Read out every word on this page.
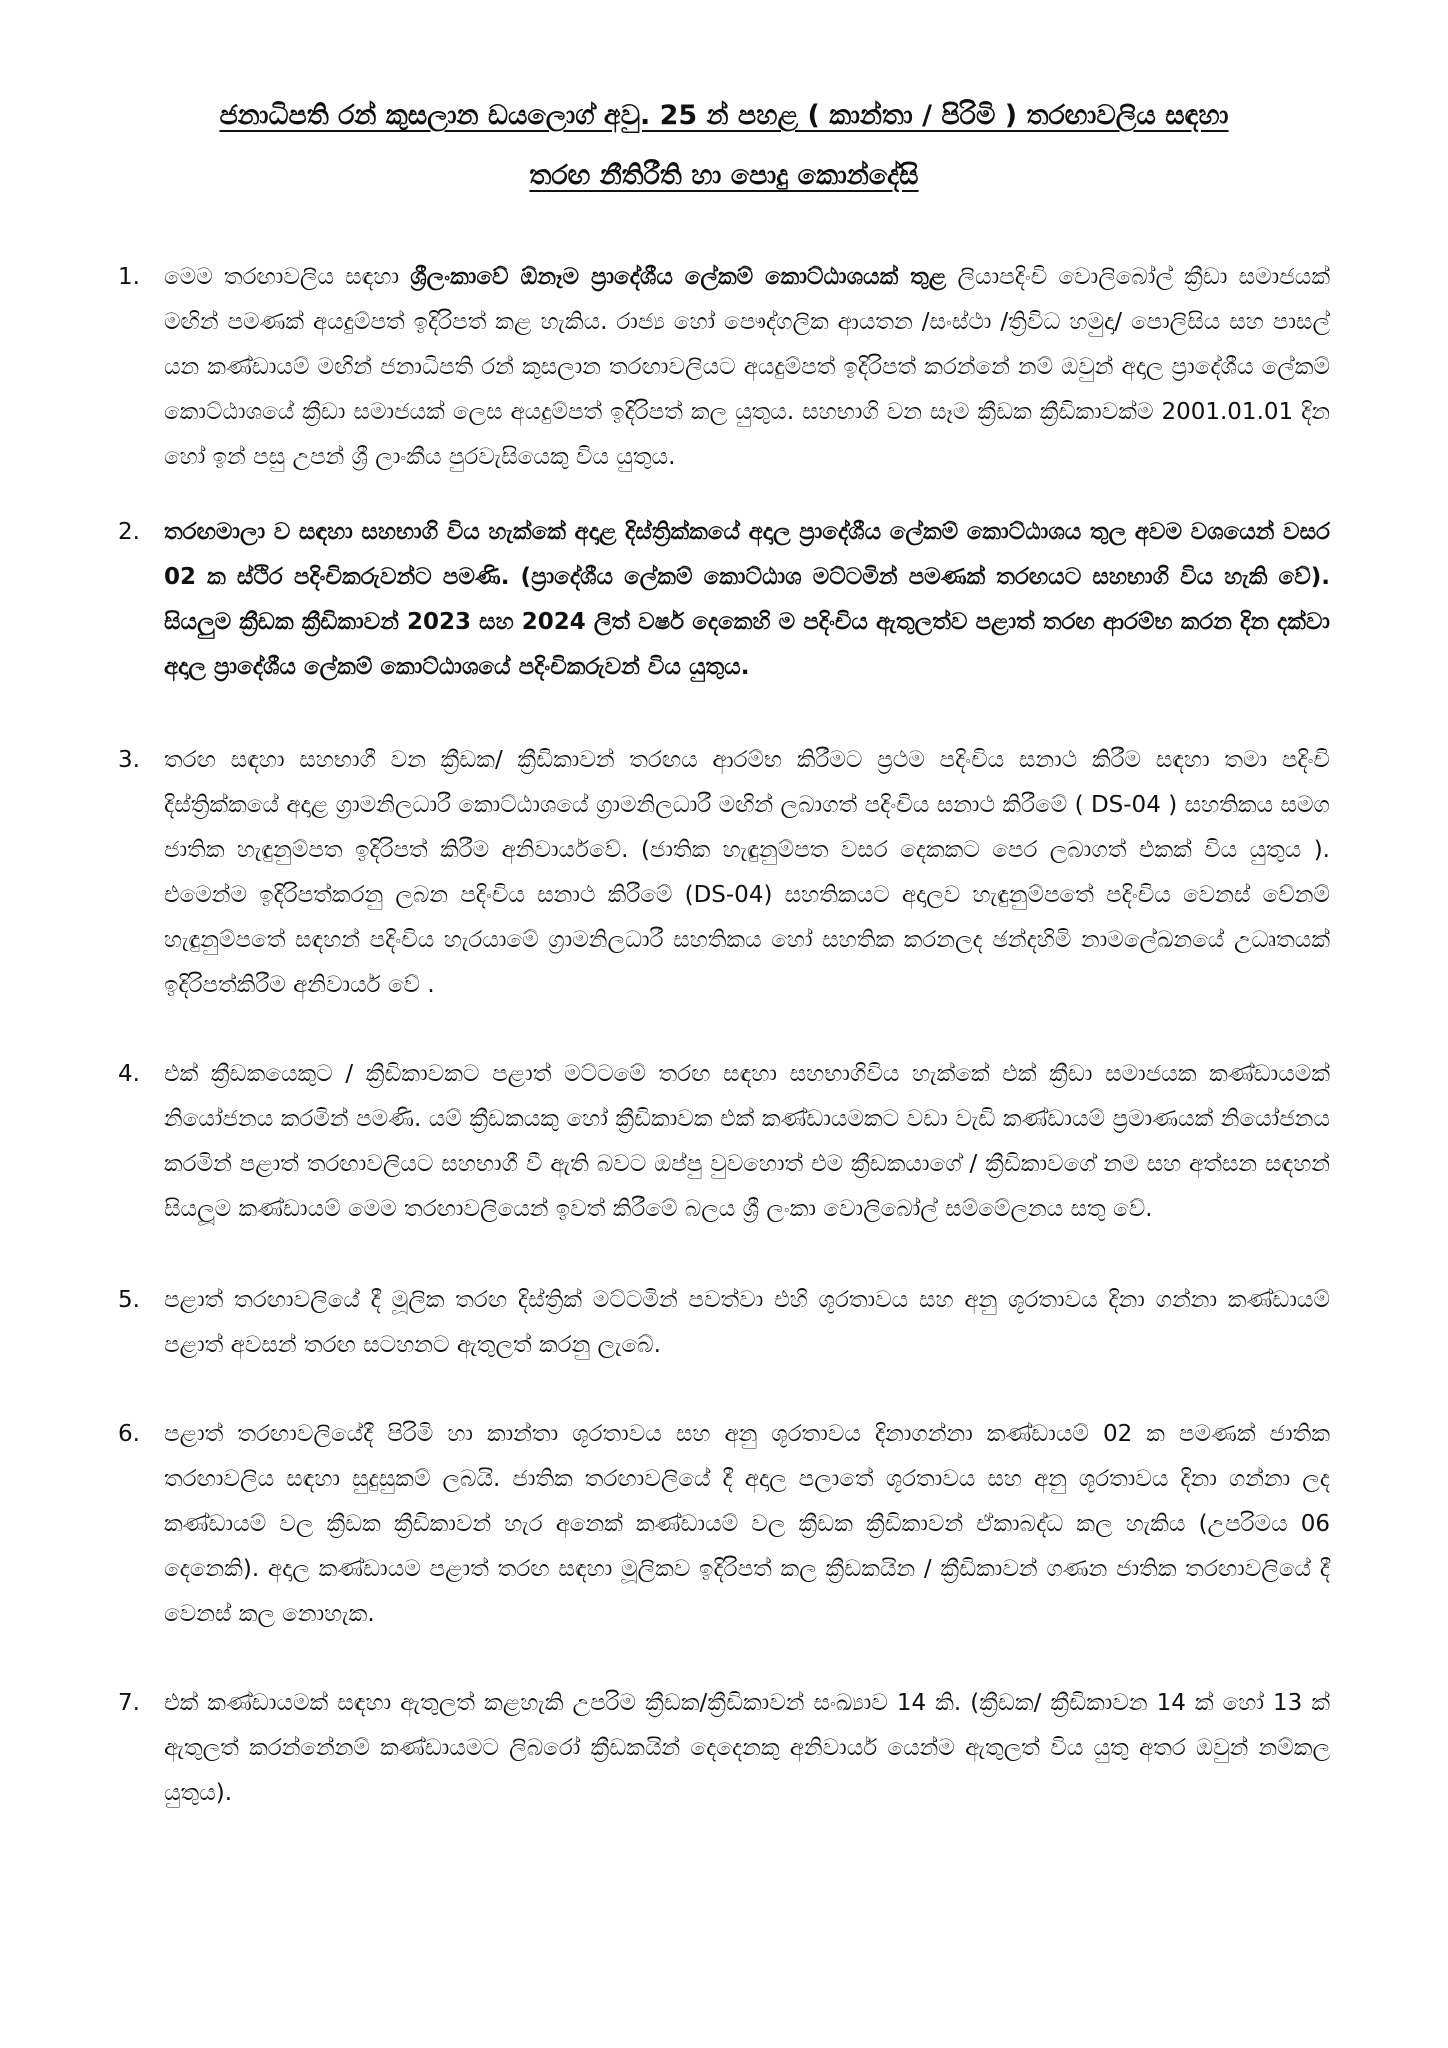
ජනාධිපති රන් කුසලාන ඩයලොග් අවු. 25 න් පහළ ( කාන්තා / පිරිමි ) තරඟාවලිය සඳහා
තරඟ නීතිරීති හා පොදු කොන්දේසි
1. මෙම තරඟාවලිය සඳහා ශ්‍රීලංකාවේ ඕනෑම ප්‍රාදේශීය ලේකම් කොට්ඨාශයක් තුළ ලියාපදිංචි වොලිබෝල් ක්‍රීඩා සමාජයක් මඟින් පමණක් අයදුම්පත් ඉදිරිපත් කළ හැකිය. රාජ්‍ය හෝ පෞද්ගලික ආයතන /සංස්ථා /ත්‍රිවිධ හමුදා/ පොලිසිය සහ පාසල් යන කණ්ඩායම් මඟින් ජනාධිපති රන් කුසලාන තරඟාවලියට අයදුම්පත් ඉදිරිපත් කරන්නේ නම් ඔවුන් අදාල ප්‍රාදේශීය ලේකම් කොට්ඨාශයේ ක්‍රීඩා සමාජයක් ලෙස අයදුම්පත් ඉදිරිපත් කල යුතුය. සහභාගි වන සෑම ක්‍රීඩක ක්‍රීඩිකාවක්ම 2001.01.01 දින හෝ ඉන් පසු උපන් ශ්‍රී ලාංකීය පුරවැසියෙකු විය යුතුය.
2. තරඟමාලා ව සඳහා සහභාගි විය හැක්කේ අදාළ දිස්ත්‍රික්කයේ අදාල ප්‍රාදේශීය ලේකම් කොට්ඨාශය තුල අවම වශයෙන් වසර 02 ක ස්ථිර පදිංචිකරුවන්ට පමණි. (ප්‍රාදේශීය ලේකම් කොට්ඨාශ මට්ටමින් පමණක් තරඟයට සහභාගි විය හැකි වේ). සියලුම ක්‍රීඩක ක්‍රීඩිකාවන් 2023 සහ 2024 ලිත් වර්ෂ දෙකෙහි ම පදිංචිය ඇතුලත්ව පළාත් තරඟ ආරම්භ කරන දින දක්වා අදාල ප්‍රාදේශීය ලේකම් කොට්ඨාශයේ පදිංචිකරුවන් විය යුතුය.
3. තරඟ සඳහා සහභාගී වන ක්‍රීඩක/ ක්‍රීඩිකාවන් තරඟය ආරම්භ කිරීමට ප්‍රථම පදිංචිය සනාථ කිරීම සඳහා තමා පදිංචි දිස්ත්‍රික්කයේ අදාළ ග්‍රාමනිලධාරී කොට්ඨාශයේ ග්‍රාමනිලධාරී මඟින් ලබාගත් පදිංචිය සනාථ කිරීමේ ( DS-04 ) සහතිකය සමග ජාතික හැඳුනුම්පත ඉදිරිපත් කිරීම අනිවාර්යවේ. (ජාතික හැඳුනුම්පත වසර දෙකකට පෙර ලබාගත් එකක් විය යුතුය ). එමෙන්ම ඉදිරිපත්කරනු ලබන පදිංචිය සනාථ කිරීමේ (DS-04) සහතිකයට අදාලව හැඳුනුම්පතේ පදිංචිය වෙනස් වේනම් හැඳුනුම්පතේ සඳහන් පදිංචිය හැරයාමේ ග්‍රාමනිලධාරී සහතිකය හෝ සහතික කරනලද ඡන්දහිමි නාමලේඛනයේ උධෘතයක් ඉදිරිපත්කිරීම අනිවාර්ය වේ .
4. එක් ක්‍රීඩකයෙකුට / ක්‍රීඩිකාවකට පළාත් මට්ටමේ තරඟ සඳහා සහභාගිවිය හැක්කේ එක් ක්‍රීඩා සමාජයක කණ්ඩායමක් නියෝජනය කරමින් පමණි. යම් ක්‍රීඩකයකු හෝ ක්‍රීඩිකාවක එක් කණ්ඩායමකට වඩා වැඩි කණ්ඩායම් ප්‍රමාණයක් නියෝජනය කරමින් පළාත් තරඟාවලියට සහභාගී වී ඇති බවට ඔප්පු වුවහොත් එම ක්‍රීඩකයාගේ / ක්‍රීඩිකාවගේ නම සහ අත්සන සඳහන් සියලූම කණ්ඩායම් මෙම තරඟාවලියෙන් ඉවත් කිරීමේ බලය ශ්‍රී ලංකා වොලිබෝල් සම්මේලනය සතු වේ.
5. පළාත් තරඟාවලියේ දී මූලික තරඟ දිස්ත්‍රික් මට්ටමින් පවත්වා එහි ශූරතාවය සහ අනු ශූරතාවය දිනා ගන්නා කණ්ඩායම් පළාත් අවසන් තරඟ සටහනට ඇතුලත් කරනු ලැබේ.
6. පළාත් තරඟාවලියේදී පිරිමි හා කාන්තා ශූරතාවය සහ අනු ශූරතාවය දිනාගන්නා කණ්ඩායම් 02 ක පමණක් ජාතික තරඟාවලිය සඳහා සුදුසුකම් ලබයි. ජාතික තරඟාවලියේ දී අදාල පලාතේ ශූරතාවය සහ අනු ශූරතාවය දිනා ගන්නා ලද කණ්ඩායම් වල ක්‍රීඩක ක්‍රීඩිකාවන් හැර අනෙක් කණ්ඩායම් වල ක්‍රීඩක ක්‍රීඩිකාවන් ඒකාබද්ධ කල හැකිය (උපරිමය 06 දෙනෙකි). අදාල කණ්ඩායම පළාත් තරඟ සඳහා මූලිකව ඉදිරිපත් කල ක්‍රීඩකයින / ක්‍රීඩිකාවන් ගණන ජාතික තරඟාවලියේ දී වෙනස් කල නොහැක.
7. එක් කණ්ඩායමක් සඳහා ඇතුලත් කළහැකි උපරිම ක්‍රීඩක/ක්‍රීඩිකාවන් සංඛ්‍යාව 14 කි. (ක්‍රීඩක/ ක්‍රීඩිකාවන 14 ක් හෝ 13 ක් ඇතුලත් කරන්නේනම් කණ්ඩායමට ලිබරෝ ක්‍රීඩකයින් දෙදෙනකු අනිවාර්ය යෙන්ම ඇතුලත් විය යුතු අතර ඔවුන් නම්කල යුතුය).
